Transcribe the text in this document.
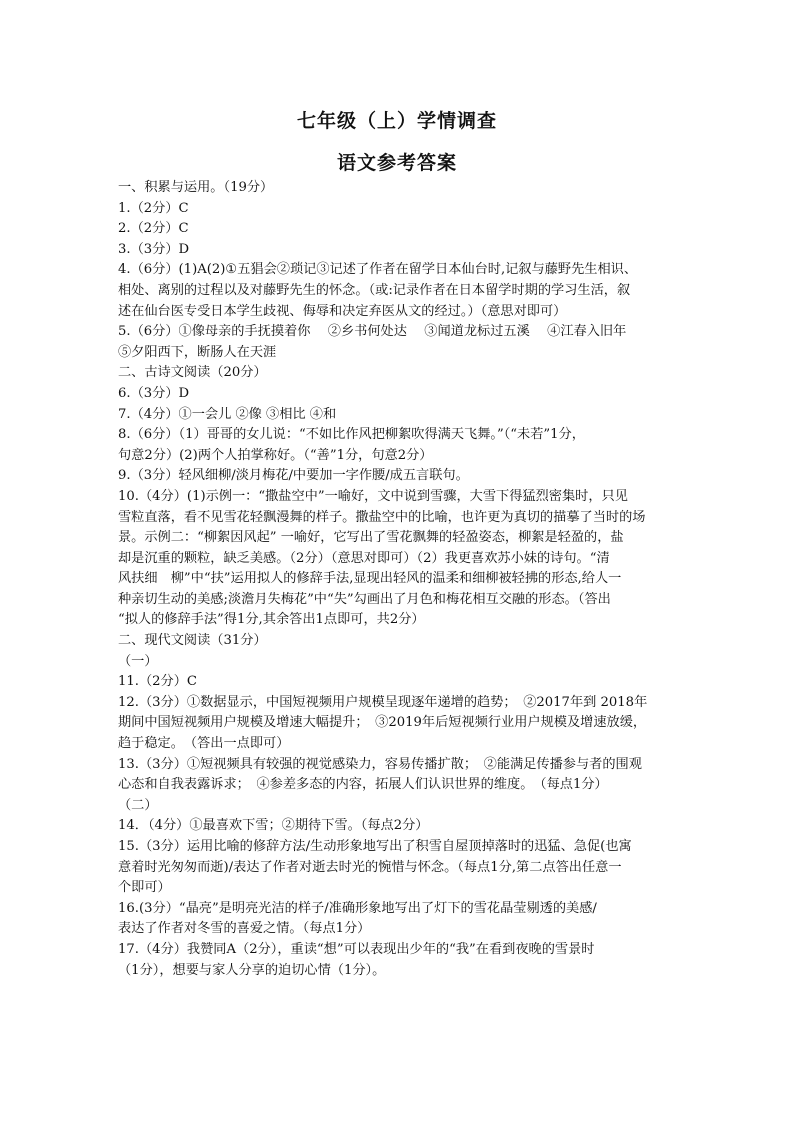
七年级（上）学情调查
语文参考答案
一、积累与运用。（19分）
1.（2分）C
2.（2分）C
3.（3分）D
4.（6分）(1)A(2)①五猖会②琐记③记述了作者在留学日本仙台时,记叙与藤野先生相识、
相处、离别的过程以及对藤野先生的怀念。（或:记录作者在日本留学时期的学习生活，叙
述在仙台医专受日本学生歧视、侮辱和决定弃医从文的经过。）（意思对即可）
5.（6分）①像母亲的手抚摸着你　 ②乡书何处达　 ③闻道龙标过五溪　 ④江春入旧年
⑤夕阳西下，断肠人在天涯
二、古诗文阅读（20分）
6.（3分）D
7.（4分）①一会儿 ②像 ③相比 ④和
8.（6分）（1）哥哥的女儿说：“不如比作风把柳絮吹得满天飞舞。”（“未若”1分，
句意2分）(2)两个人拍掌称好。（“善”1分，句意2分）
9.（3分）轻风细柳/淡月梅花/中要加一字作腰/成五言联句。
10.（4分）(1)示例一：“撒盐空中”一喻好，文中说到雪骤，大雪下得猛烈密集时，只见
雪粒直落，看不见雪花轻飘漫舞的样子。撒盐空中的比喻，也许更为真切的描摹了当时的场
景。示例二：“柳絮因风起” 一喻好，它写出了雪花飘舞的轻盈姿态，柳絮是轻盈的，盐
却是沉重的颗粒，缺乏美感。（2分）（意思对即可）（2）我更喜欢苏小妹的诗句。“清
风扶细　柳”中“扶”运用拟人的修辞手法,显现出轻风的温柔和细柳被轻拂的形态,给人一
种亲切生动的美感;淡澹月失梅花”中“失”勾画出了月色和梅花相互交融的形态。（答出
“拟人的修辞手法”得1分,其余答出1点即可，共2分）
二、现代文阅读（31分）
（一）
11.（2分）C
12.（3分）①数据显示，中国短视频用户规模呈现逐年递增的趋势；　②2017年到 2018年
期间中国短视频用户规模及增速大幅提升；　③2019年后短视频行业用户规模及增速放缓，
趋于稳定。　（答出一点即可）
13.（3分）①短视频具有较强的视觉感染力，容易传播扩散；　②能满足传播参与者的围观
心态和自我表露诉求；　④参差多态的内容，拓展人们认识世界的维度。　（每点1分）
（二）
14．（4分）①最喜欢下雪；②期待下雪。（每点2分）
15.（3分）运用比喻的修辞方法/生动形象地写出了积雪自屋顶掉落时的迅猛、急促(也寓
意着时光匆匆而逝)/表达了作者对逝去时光的惋惜与怀念。（每点1分,第二点答出任意一
个即可）
16.(3分）“晶亮”是明亮光洁的样子/准确形象地写出了灯下的雪花晶莹剔透的美感/
表达了作者对冬雪的喜爱之情。（每点1分）
17.（4分）我赞同A（2分），重读“想”可以表现出少年的“我”在看到夜晚的雪景时
（1分），想要与家人分享的迫切心情（1分）。
